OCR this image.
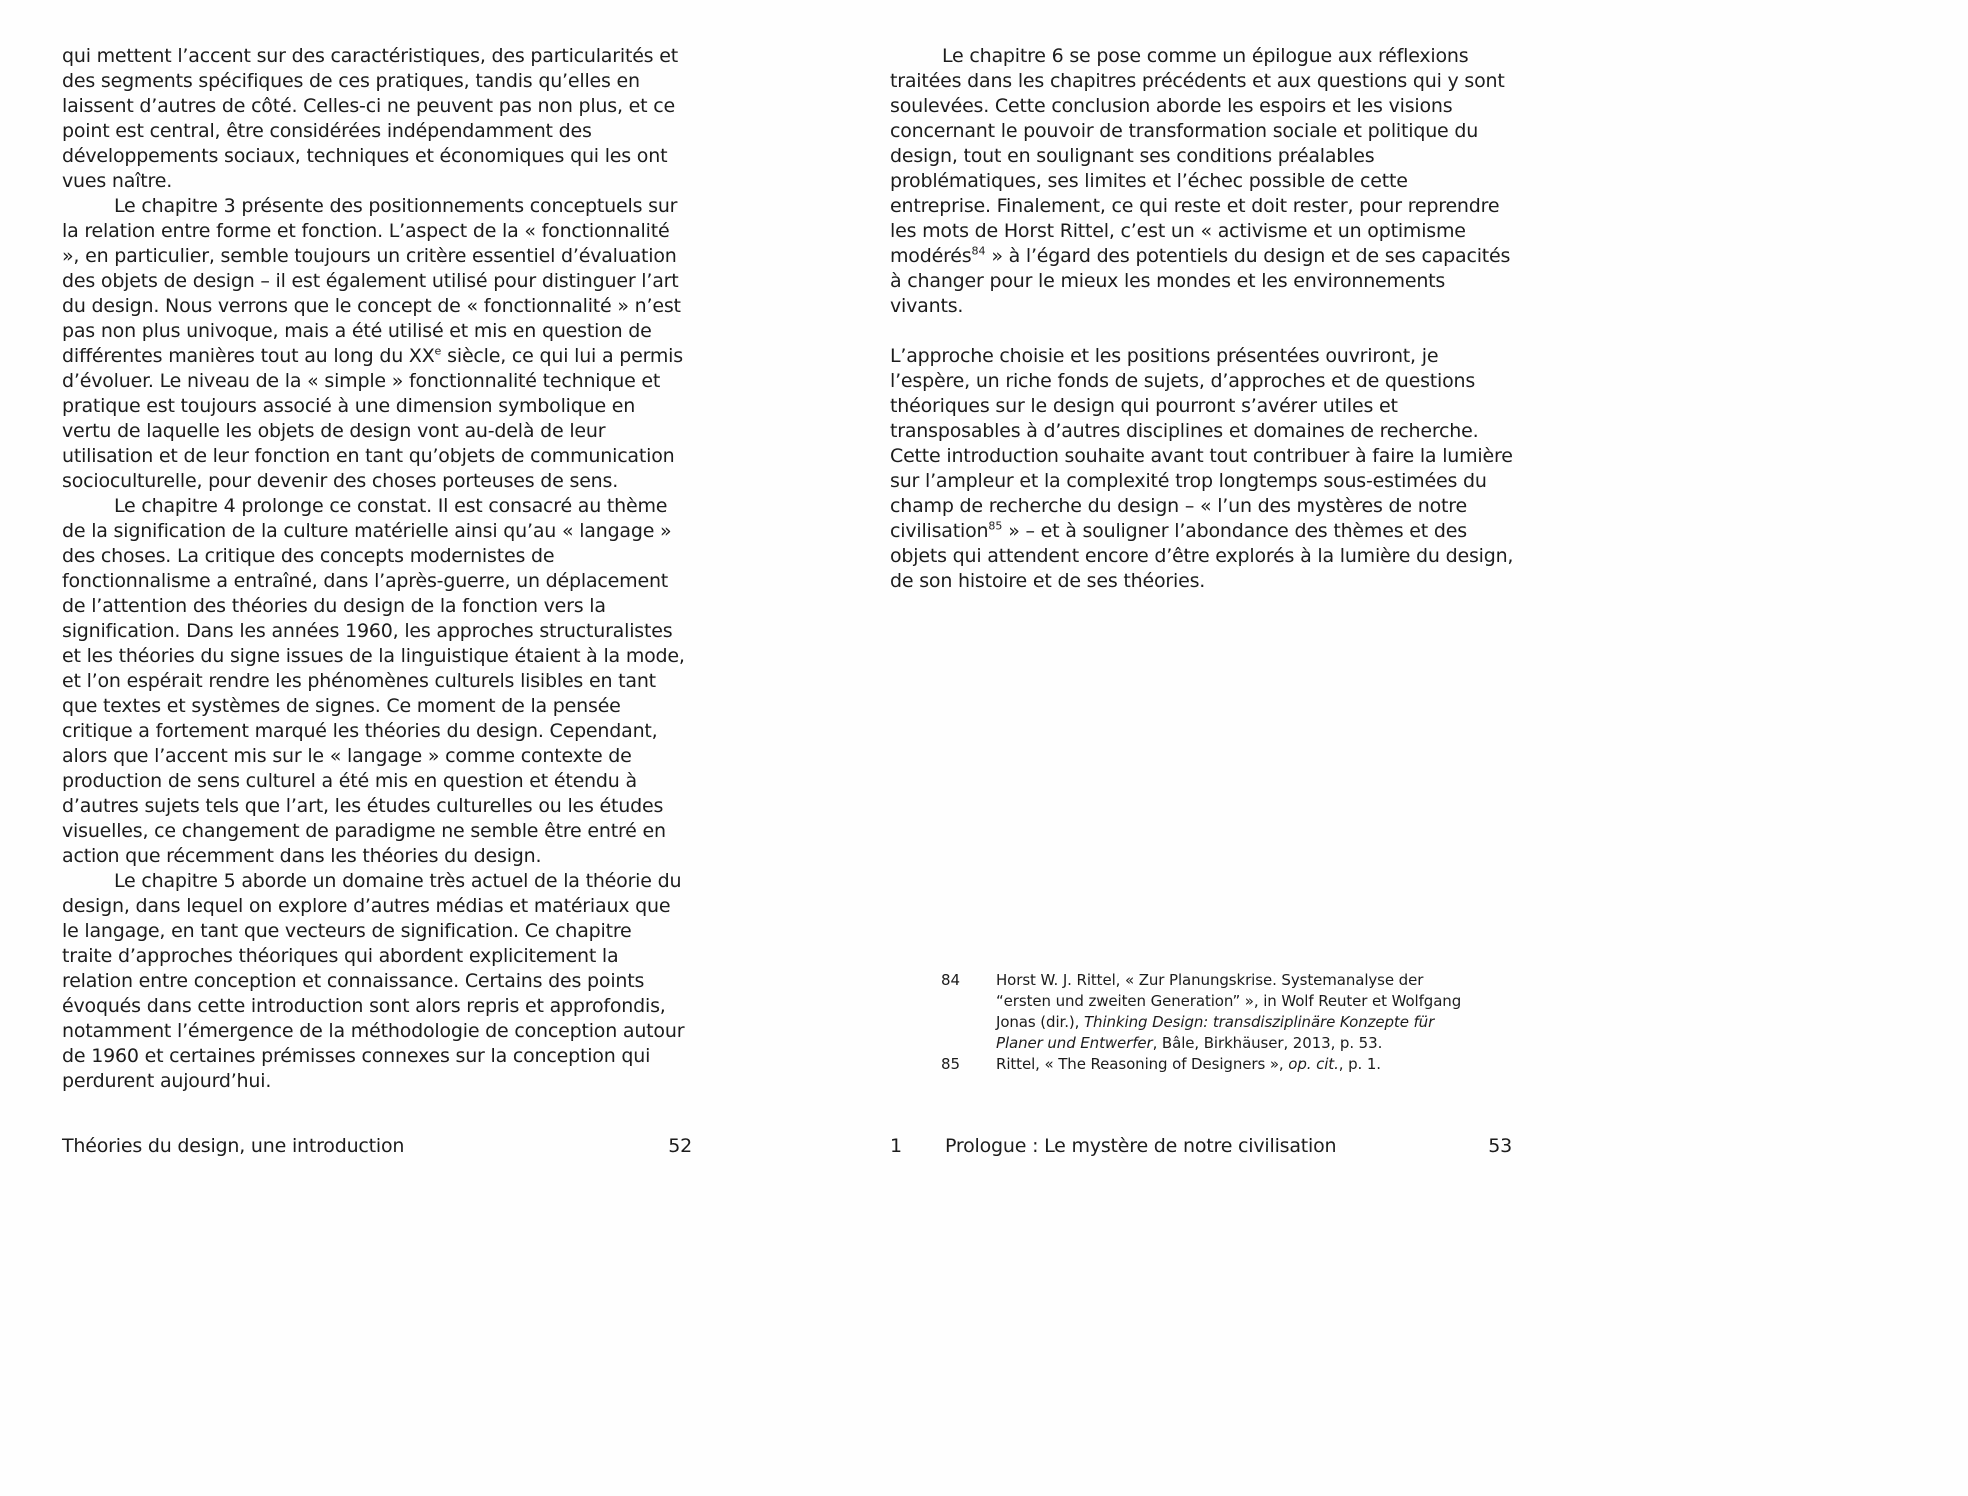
qui mettent l’accent sur des caractéristiques, des particularités et des segments spécifiques de ces pratiques, tandis qu’elles en laissent d’autres de côté. Celles-ci ne peuvent pas non plus, et ce point est central, être considérées indépendamment des développements sociaux, techniques et économiques qui les ont vues naître.

Le chapitre 3 présente des positionnements conceptuels sur la relation entre forme et fonction. L’aspect de la « fonctionnalité », en particulier, semble toujours un critère essentiel d’évaluation des objets de design – il est également utilisé pour distinguer l’art du design. Nous verrons que le concept de « fonctionnalité » n’est pas non plus univoque, mais a été utilisé et mis en question de différentes manières tout au long du XXe siècle, ce qui lui a permis d’évoluer. Le niveau de la « simple » fonctionnalité technique et pratique est toujours associé à une dimension symbolique en vertu de laquelle les objets de design vont au-delà de leur utilisation et de leur fonction en tant qu’objets de communication socioculturelle, pour devenir des choses porteuses de sens.

Le chapitre 4 prolonge ce constat. Il est consacré au thème de la signification de la culture matérielle ainsi qu’au « langage » des choses. La critique des concepts modernistes de fonctionnalisme a entraîné, dans l’après-guerre, un déplacement de l’attention des théories du design de la fonction vers la signification. Dans les années 1960, les approches structuralistes et les théories du signe issues de la linguistique étaient à la mode, et l’on espérait rendre les phénomènes culturels lisibles en tant que textes et systèmes de signes. Ce moment de la pensée critique a fortement marqué les théories du design. Cependant, alors que l’accent mis sur le « langage » comme contexte de production de sens culturel a été mis en question et étendu à d’autres sujets tels que l’art, les études culturelles ou les études visuelles, ce changement de paradigme ne semble être entré en action que récemment dans les théories du design.

Le chapitre 5 aborde un domaine très actuel de la théorie du design, dans lequel on explore d’autres médias et matériaux que le langage, en tant que vecteurs de signification. Ce chapitre traite d’approches théoriques qui abordent explicitement la relation entre conception et connaissance. Certains des points évoqués dans cette introduction sont alors repris et approfondis, notamment l’émergence de la méthodologie de conception autour de 1960 et certaines prémisses connexes sur la conception qui perdurent aujourd’hui.

Le chapitre 6 se pose comme un épilogue aux réflexions traitées dans les chapitres précédents et aux questions qui y sont soulevées. Cette conclusion aborde les espoirs et les visions concernant le pouvoir de transformation sociale et politique du design, tout en soulignant ses conditions préalables problématiques, ses limites et l’échec possible de cette entreprise. Finalement, ce qui reste et doit rester, pour reprendre les mots de Horst Rittel, c’est un « activisme et un optimisme modérés$^{84}$ » à l’égard des potentiels du design et de ses capacités à changer pour le mieux les mondes et les environnements vivants.

L’approche choisie et les positions présentées ouvriront, je l’espère, un riche fonds de sujets, d’approches et de questions théoriques sur le design qui pourront s’avérer utiles et transposables à d’autres disciplines et domaines de recherche. Cette introduction souhaite avant tout contribuer à faire la lumière sur l’ampleur et la complexité trop longtemps sous-estimées du champ de recherche du design – « l’un des mystères de notre civilisation$^{85}$ » – et à souligner l’abondance des thèmes et des objets qui attendent encore d’être explorés à la lumière du design, de son histoire et de ses théories.

84	Horst W. J. Rittel, « Zur Planungskrise. Systemanalyse der “ersten und zweiten Generation” », in Wolf Reuter et Wolfgang Jonas (dir.), Thinking Design: transdisziplinäre Konzepte für Planer und Entwerfer, Bâle, Birkhäuser, 2013, p. 53.
85	Rittel, « The Reasoning of Designers », op. cit., p. 1.
Théories du design, une introduction	52	1	Prologue : Le mystère de notre civilisation	53
